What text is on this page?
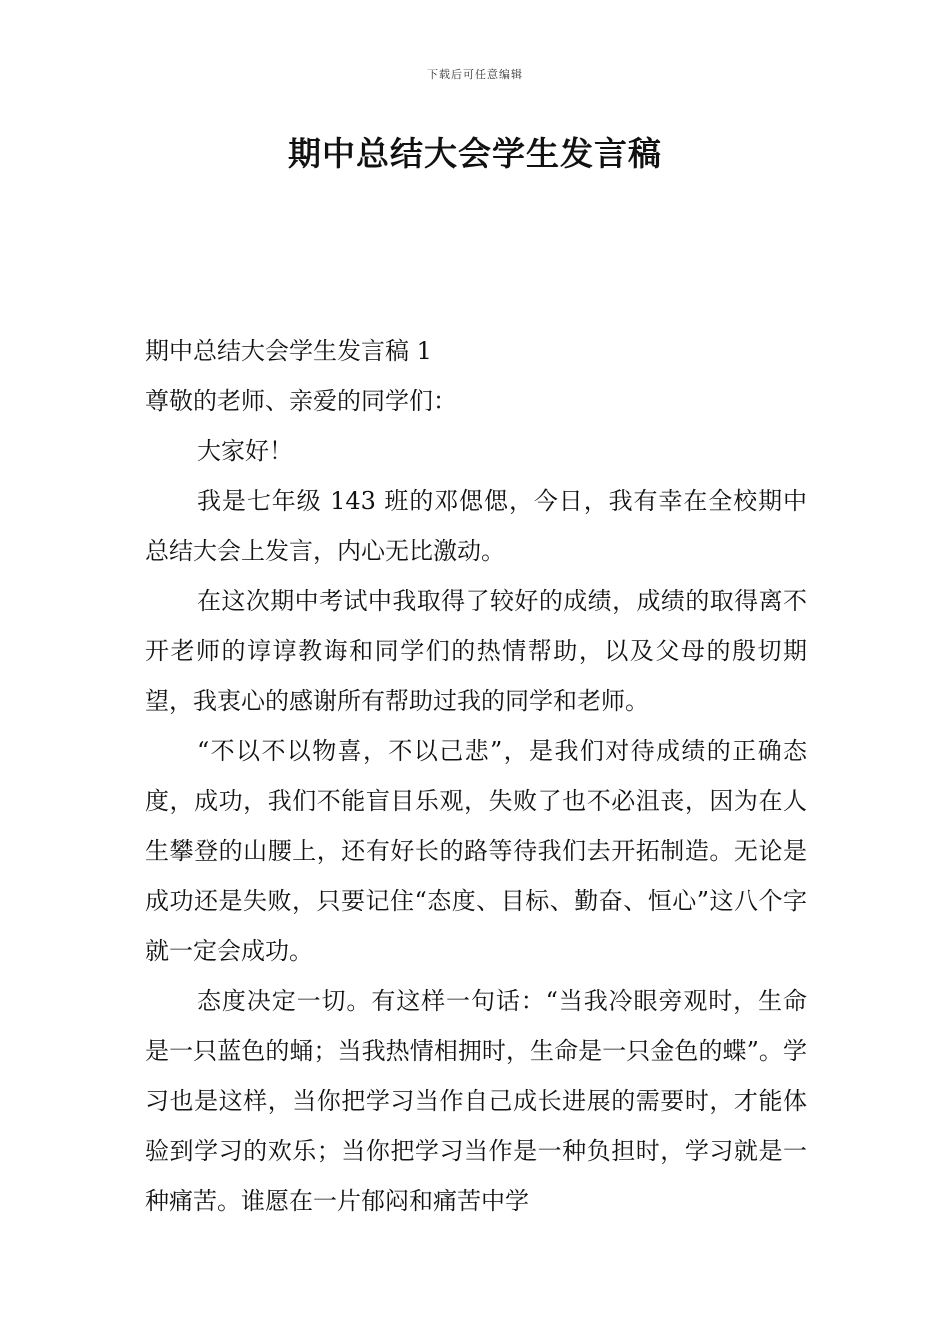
下载后可任意编辑
期中总结大会学生发言稿

期中总结大会学生发言稿 1

尊敬的老师、亲爱的同学们：

大家好！

我是七年级 143 班的邓偲偲，今日，我有幸在全校期中总结大会上发言，内心无比激动。

在这次期中考试中我取得了较好的成绩，成绩的取得离不开老师的谆谆教诲和同学们的热情帮助，以及父母的殷切期望，我衷心的感谢所有帮助过我的同学和老师。

“不以不以物喜，不以己悲”，是我们对待成绩的正确态度，成功，我们不能盲目乐观，失败了也不必沮丧，因为在人生攀登的山腰上，还有好长的路等待我们去开拓制造。无论是成功还是失败，只要记住“态度、目标、勤奋、恒心”这八个字就一定会成功。

态度决定一切。有这样一句话：“当我冷眼旁观时，生命是一只蓝色的蛹；当我热情相拥时，生命是一只金色的蝶”。学习也是这样，当你把学习当作自己成长进展的需要时，才能体验到学习的欢乐；当你把学习当作是一种负担时，学习就是一种痛苦。谁愿在一片郁闷和痛苦中学
